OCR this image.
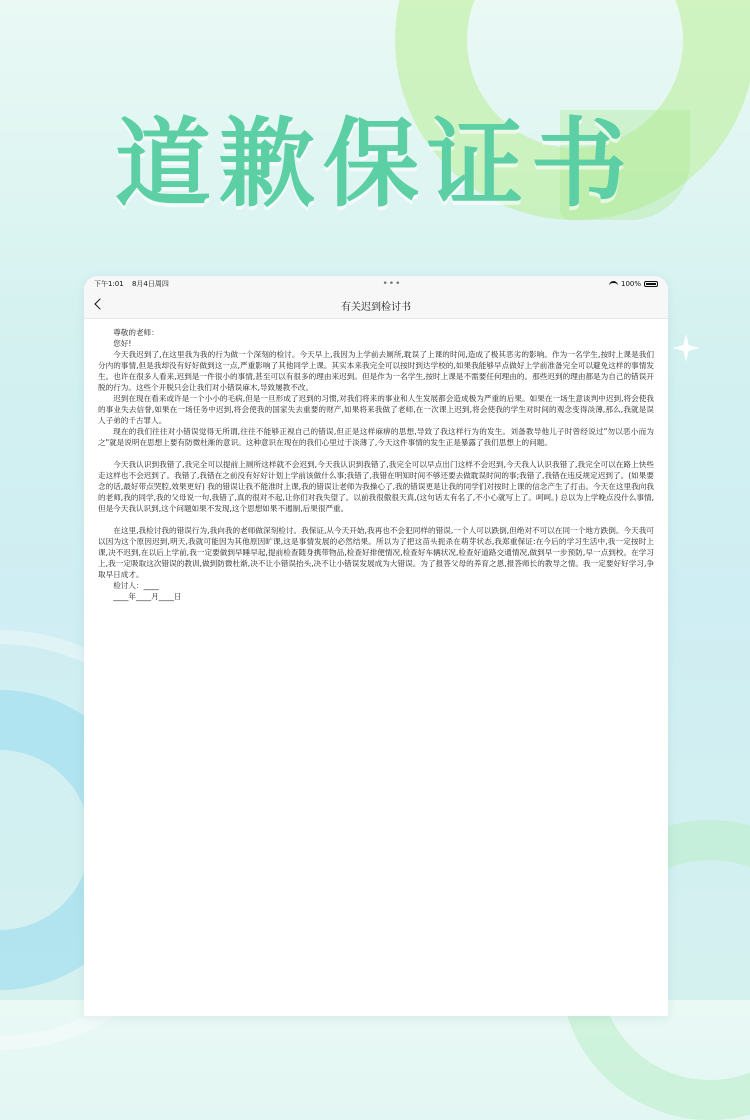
道歉保证书
下午1:01 8月4日周四	•••	100%
有关迟到检讨书

尊敬的老师：

您好!

今天我迟到了,在这里我为我的行为做一个深刻的检讨。今天早上,我因为上学前去厕所,耽误了上课的时间,造成了极其恶劣的影响。作为一名学生,按时上课是我们分内的事情,但是我却没有好好做到这一点,严重影响了其他同学上课。其实本来我完全可以按时到达学校的,如果我能够早点做好上学前准备完全可以避免这样的事情发生。也许在很多人看来,迟到是一件很小的事情,甚至可以有很多的理由来迟到。但是作为一名学生,按时上课是不需要任何理由的。那些迟到的理由都是为自己的错误开脱的行为。这些个开脱只会让我们对小错误麻木,导致屡教不改。

迟到在现在看来或许是一个小小的毛病,但是一旦形成了迟到的习惯,对我们将来的事业和人生发展都会造成极为严重的后果。如果在一场生意谈判中迟到,将会使我的事业失去信誉,如果在一场任务中迟到,将会使我的国家失去重要的财产,如果将来我做了老师,在一次课上迟到,将会使我的学生对时间的观念变得淡薄,那么,我就是误人子弟的千古罪人。

现在的我们往往对小错误觉得无所谓,往往不能够正视自己的错误,但正是这样麻痹的思想,导致了我这样行为的发生。刘备教导他儿子时曾经说过"勿以恶小而为之"就是说明在思想上要有防微杜渐的意识。这种意识在现在的我们心里过于淡薄了,今天这件事情的发生正是暴露了我们思想上的问题。

今天我认识到我错了,我完全可以提前上厕所这样就不会迟到,今天我认识到我错了,我完全可以早点出门这样不会迟到,今天我人认识我错了,我完全可以在路上快些走这样也不会迟到了。我错了,我错在之前没有好好计划上学前该做什么事;我错了,我错在明知时间不够还要去做耽误时间的事;我错了,我错在违反规定迟到了。(如果要念的话,最好带点哭腔,效果更好) 我的错误让我不能准时上课,我的错误让老师为我操心了,我的错误更是让我的同学们对按时上课的信念产生了打击。今天在这里我向我的老师,我的同学,我的父母说一句,我错了,真的很对不起,让你们对我失望了。以前我很傲很天真,(这句话太有名了,不小心就写上了。呵呵。) 总以为上学晚点没什么事情,但是今天我认识到,这个问题如果不发现,这个思想如果不遏制,后果很严重。

在这里,我检讨我的错误行为,我向我的老师做深刻检讨。我保证,从今天开始,我再也不会犯同样的错误,一个人可以跌倒,但绝对不可以在同一个地方跌倒。今天我可以因为这个原因迟到,明天,我就可能因为其他原因旷课,这是事情发展的必然结果。所以为了把这苗头扼杀在萌芽状态,我郑重保证:在今后的学习生活中,我一定按时上课,决不迟到,在以后上学前,我一定要做到早睡早起,提前检查随身携带物品,检查好排便情况,检查好车辆状况,检查好道路交通情况,做到早一步预防,早一点到校。在学习上,我一定吸取这次错误的教训,做到防微杜渐,决不让小错误抬头,决不让小错误发展成为大错误。为了报答父母的养育之恩,报答师长的教导之情。我一定要好好学习,争取早日成才。

检讨人：____

____年____月____日
